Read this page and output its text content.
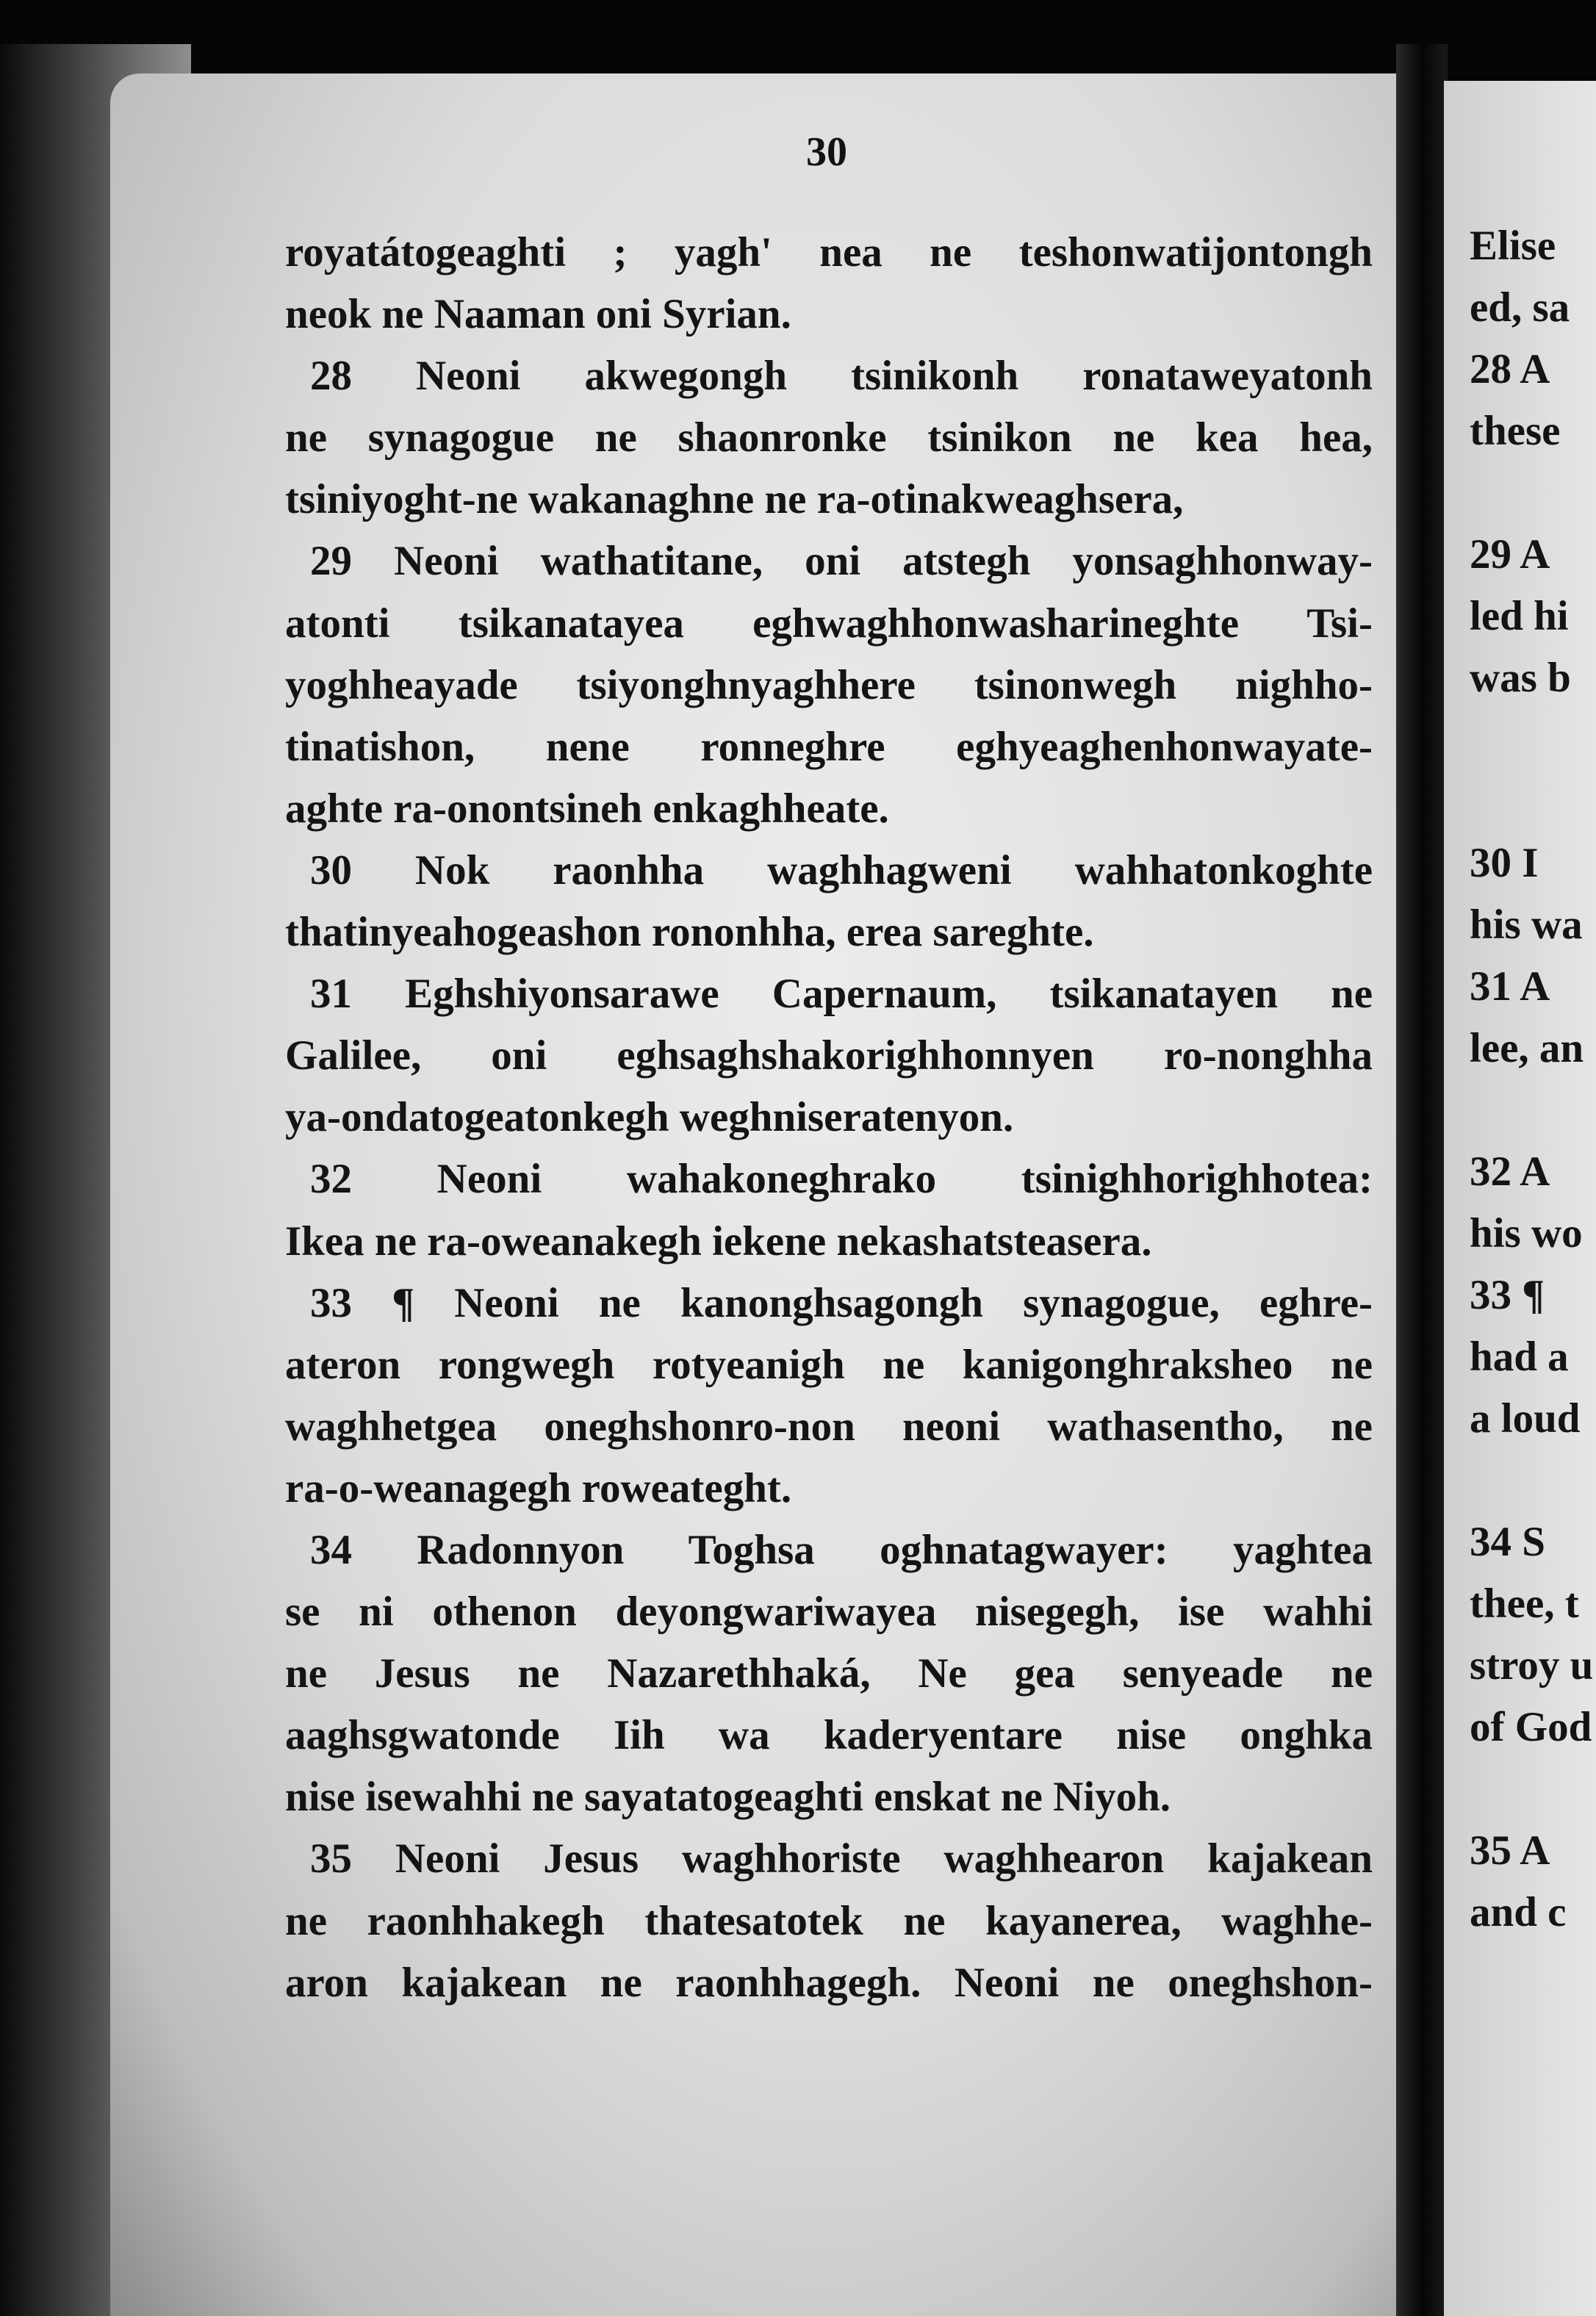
30
royatátogeaghti ; yagh' nea ne teshonwatijontongh
neok ne Naaman oni Syrian.
28 Neoni akwegongh tsinikonh ronataweyatonh
ne synagogue ne shaonronke tsinikon ne kea hea,
tsiniyoght-ne wakanaghne ne ra-otinakweaghsera,
29 Neoni wathatitane, oni atstegh yonsaghhonway-
atonti tsikanatayea eghwaghhonwasharineghte Tsi-
yoghheayade tsiyonghnyaghhere tsinonwegh nighho-
tinatishon, nene ronneghre eghyeaghenhonwayate-
aghte ra-onontsineh enkaghheate.
30 Nok raonhha waghhagweni wahhatonkoghte
thatinyeahogeashon rononhha, erea sareghte.
31 Eghshiyonsarawe Capernaum, tsikanatayen ne
Galilee, oni eghsaghshakorighhonnyen ro-nonghha
ya-ondatogeatonkegh weghniseratenyon.
32 Neoni wahakoneghrako tsinighhorighhotea:
Ikea ne ra-oweanakegh iekene nekashatsteasera.
33 ¶ Neoni ne kanonghsagongh synagogue, eghre-
ateron rongwegh rotyeanigh ne kanigonghraksheo ne
waghhetgea oneghshonro-non neoni wathasentho, ne
ra-o-weanagegh roweateght.
34 Radonnyon Toghsa oghnatagwayer: yaghtea
se ni othenon deyongwariwayea nisegegh, ise wahhi
ne Jesus ne Nazarethhaká, Ne gea senyeade ne
aaghsgwatonde Iih wa kaderyentare nise onghka
nise isewahhi ne sayatatogeaghti enskat ne Niyoh.
35 Neoni Jesus waghhoriste waghhearon kajakean
ne raonhhakegh thatesatotek ne kayanerea, waghhe-
aron kajakean ne raonhhagegh. Neoni ne oneghshon-
Elise
ed, sa
28 A
these
29 A
led hi
was b
30 I
his wa
31 A
lee, an
32 A
his wo
33 ¶
had a
a loud
34 S
thee, t
stroy u
of God
35 A
and c
